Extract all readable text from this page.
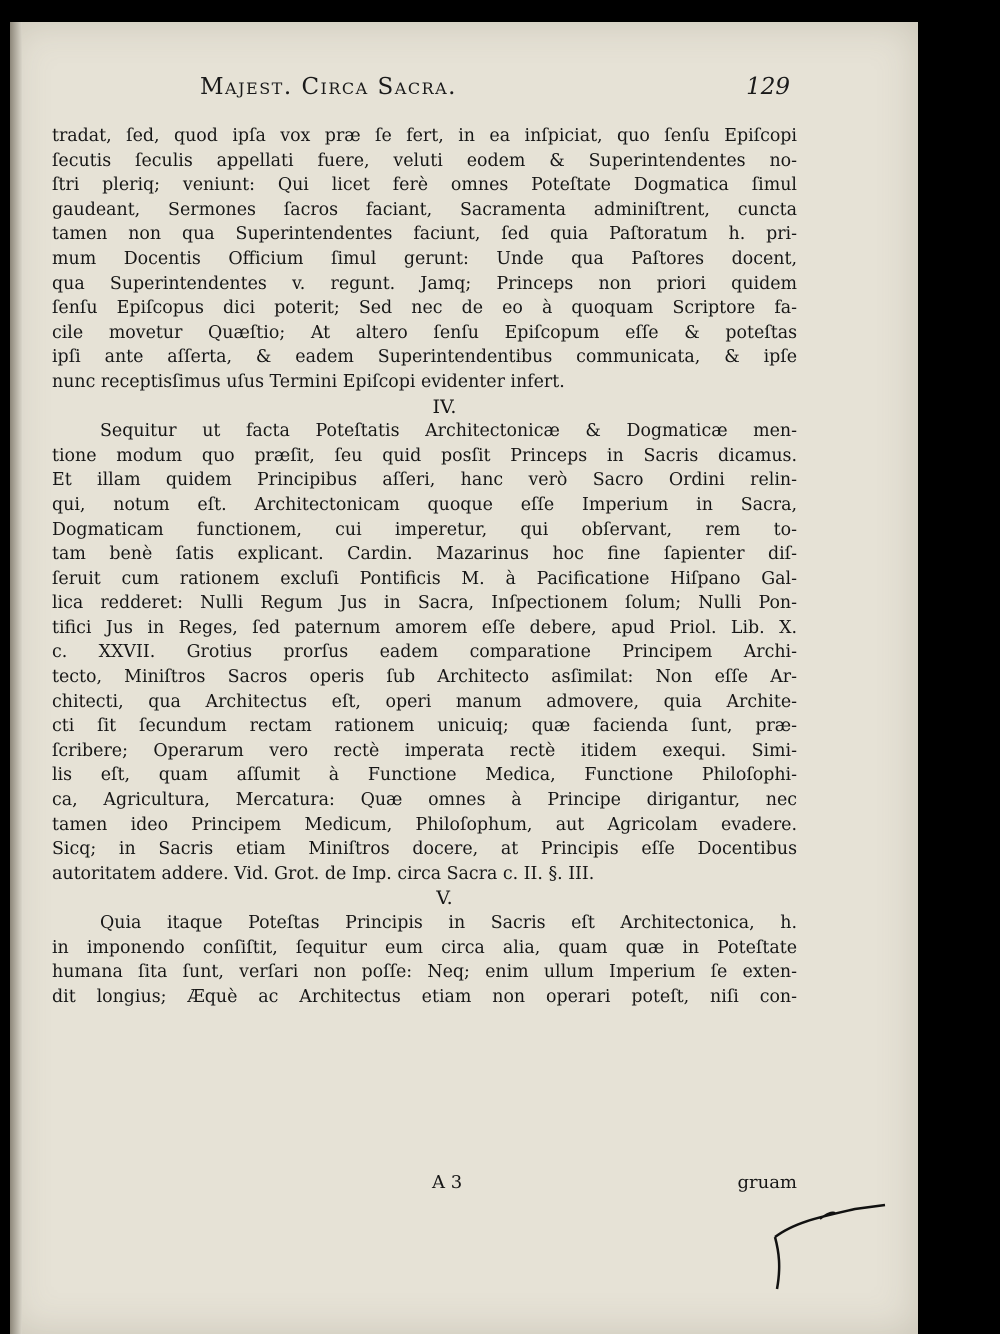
Majest. Circa Sacra.	129
tradat, ſed, quod ipſa vox præ ſe fert, in ea inſpiciat, quo ſenſu Epiſcopi
ſecutis ſeculis appellati fuere, veluti eodem & Superintendentes no-
ſtri pleriq; veniunt: Qui licet ferè omnes Poteſtate Dogmatica ſimul
gaudeant, Sermones ſacros faciant, Sacramenta adminiſtrent, cuncta
tamen non qua Superintendentes faciunt, ſed quia Paſtoratum h. pri-
mum Docentis Officium ſimul gerunt: Unde qua Paſtores docent,
qua Superintendentes v. regunt. Jamq; Princeps non priori quidem
ſenſu Epiſcopus dici poterit; Sed nec de eo à quoquam Scriptore fa-
cile movetur Quæſtio; At altero ſenſu Epiſcopum eſſe & poteſtas
ipſi ante aſſerta, & eadem Superintendentibus communicata, & ipſe
nunc receptisſimus uſus Termini Epiſcopi evidenter infert.
IV.
Sequitur ut facta Poteſtatis Architectonicæ & Dogmaticæ men-
tione modum quo præſit, ſeu quid posſit Princeps in Sacris dicamus.
Et illam quidem Principibus aſſeri, hanc verò Sacro Ordini relin-
qui, notum eſt. Architectonicam quoque eſſe Imperium in Sacra,
Dogmaticam functionem, cui imperetur, qui obſervant, rem to-
tam benè ſatis explicant. Cardin. Mazarinus hoc fine ſapienter diſ-
ſeruit cum rationem excluſi Pontificis M. à Pacificatione Hiſpano Gal-
lica redderet: Nulli Regum Jus in Sacra, Inſpectionem ſolum; Nulli Pon-
tifici Jus in Reges, ſed paternum amorem eſſe debere, apud Priol. Lib. X.
c. XXVII. Grotius prorſus eadem comparatione Principem Archi-
tecto, Miniſtros Sacros operis ſub Architecto asſimilat: Non eſſe Ar-
chitecti, qua Architectus eſt, operi manum admovere, quia Archite-
cti ſit ſecundum rectam rationem unicuiq; quæ facienda ſunt, præ-
ſcribere; Operarum vero rectè imperata rectè itidem exequi. Simi-
lis eſt, quam aſſumit à Functione Medica, Functione Philoſophi-
ca, Agricultura, Mercatura: Quæ omnes à Principe dirigantur, nec
tamen ideo Principem Medicum, Philoſophum, aut Agricolam evadere.
Sicq; in Sacris etiam Miniſtros docere, at Principis eſſe Docentibus
autoritatem addere. Vid. Grot. de Imp. circa Sacra c. II. §. III.
V.
Quia itaque Poteſtas Principis in Sacris eſt Architectonica, h.
in imponendo conſiſtit, ſequitur eum circa alia, quam quæ in Poteſtate
humana ſita ſunt, verſari non poſſe: Neq; enim ullum Imperium ſe exten-
dit longius; Æquè ac Architectus etiam non operari poteſt, niſi con-
A 3	gruam
